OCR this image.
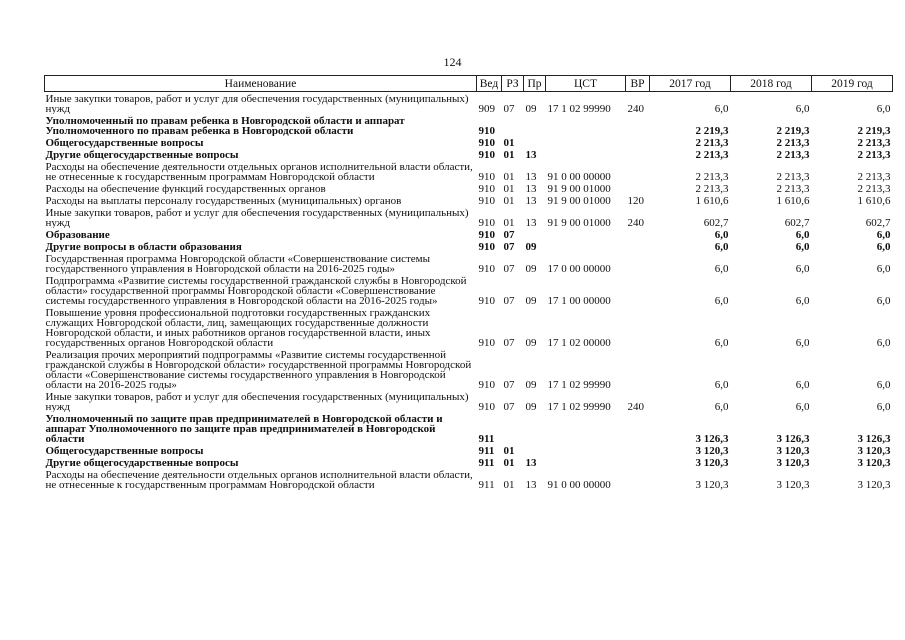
124
Наименование	Вед	РЗ	Пр	ЦСТ	ВР	2017 год	2018 год	2019 год
Иные закупки товаров, работ и услуг для обеспечения государственных (муниципальных) нужд	909	07	09	17 1 02 99990	240	6,0	6,0	6,0
Уполномоченный по правам ребенка в Новгородской области и аппарат Уполномоченного по правам ребенка в Новгородской области	910					2 219,3	2 219,3	2 219,3
Общегосударственные вопросы	910	01				2 213,3	2 213,3	2 213,3
Другие общегосударственные вопросы	910	01	13			2 213,3	2 213,3	2 213,3
Расходы на обеспечение деятельности отдельных органов исполнительной власти области, не отнесенные к государственным программам Новгородской области	910	01	13	91 0 00 00000		2 213,3	2 213,3	2 213,3
Расходы на обеспечение функций государственных органов	910	01	13	91 9 00 01000		2 213,3	2 213,3	2 213,3
Расходы на выплаты персоналу государственных (муниципальных) органов	910	01	13	91 9 00 01000	120	1 610,6	1 610,6	1 610,6
Иные закупки товаров, работ и услуг для обеспечения государственных (муниципальных) нужд	910	01	13	91 9 00 01000	240	602,7	602,7	602,7
Образование	910	07				6,0	6,0	6,0
Другие вопросы в области образования	910	07	09			6,0	6,0	6,0
Государственная программа Новгородской области «Совершенствование системы государственного управления в Новгородской области на 2016-2025 годы»	910	07	09	17 0 00 00000		6,0	6,0	6,0
Подпрограмма «Развитие системы государственной гражданской службы в Новгородской области» государственной программы Новгородской области «Совершенствование системы государственного управления в Новгородской области на 2016-2025 годы»	910	07	09	17 1 00 00000		6,0	6,0	6,0
Повышение уровня профессиональной подготовки государственных гражданских служащих Новгородской области, лиц, замещающих государственные должности Новгородской области, и иных работников органов государственной власти, иных государственных органов Новгородской области	910	07	09	17 1 02 00000		6,0	6,0	6,0
Реализация прочих мероприятий подпрограммы «Развитие системы государственной гражданской службы в Новгородской области» государственной программы Новгородской области «Совершенствование системы государственного управления в Новгородской области на 2016-2025 годы»	910	07	09	17 1 02 99990		6,0	6,0	6,0
Иные закупки товаров, работ и услуг для обеспечения государственных (муниципальных) нужд	910	07	09	17 1 02 99990	240	6,0	6,0	6,0
Уполномоченный по защите прав предпринимателей в Новгородской области и аппарат Уполномоченного по защите прав предпринимателей в Новгородской области	911					3 126,3	3 126,3	3 126,3
Общегосударственные вопросы	911	01				3 120,3	3 120,3	3 120,3
Другие общегосударственные вопросы	911	01	13			3 120,3	3 120,3	3 120,3
Расходы на обеспечение деятельности отдельных органов исполнительной власти области, не отнесенные к государственным программам Новгородской области	911	01	13	91 0 00 00000		3 120,3	3 120,3	3 120,3
